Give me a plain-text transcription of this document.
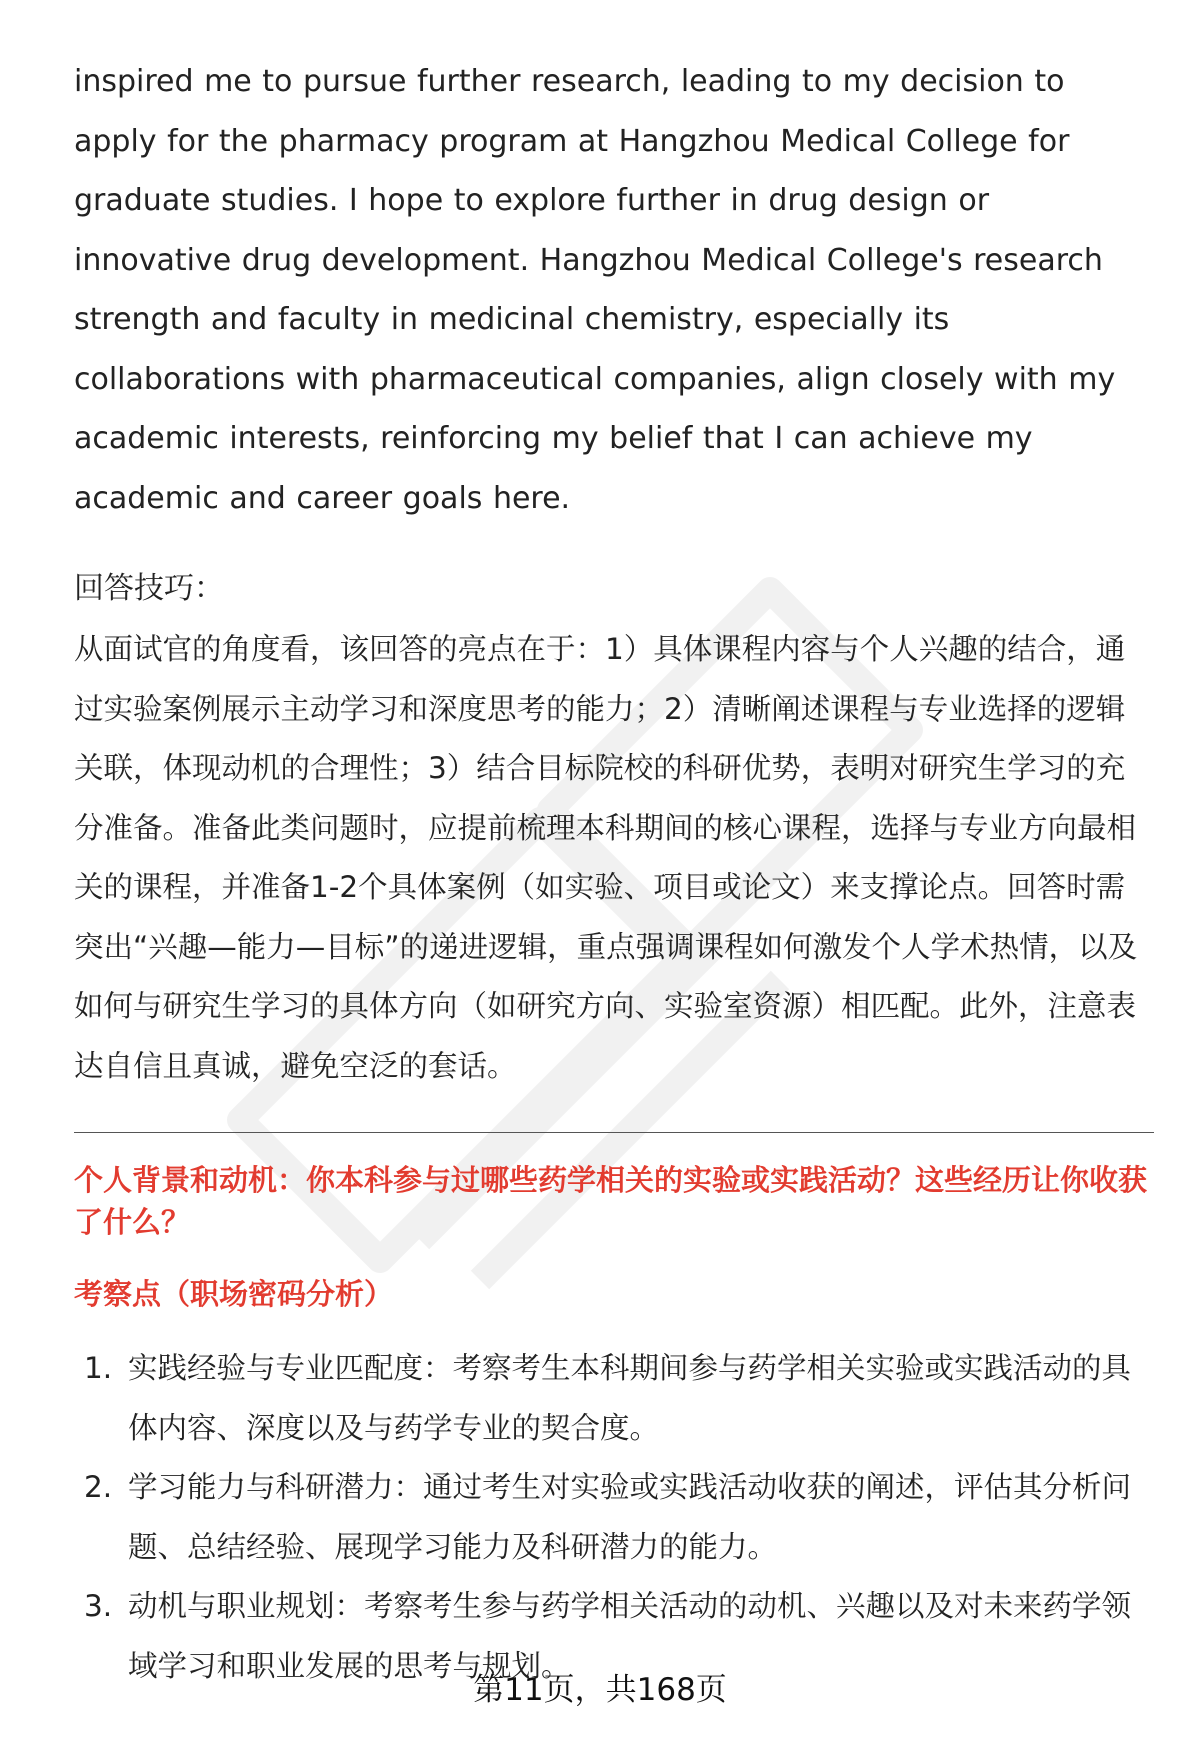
inspired me to pursue further research, leading to my decision to apply for the pharmacy program at Hangzhou Medical College for graduate studies. I hope to explore further in drug design or innovative drug development. Hangzhou Medical College's research strength and faculty in medicinal chemistry, especially its collaborations with pharmaceutical companies, align closely with my academic interests, reinforcing my belief that I can achieve my academic and career goals here.

回答技巧：

从面试官的角度看，该回答的亮点在于：1）具体课程内容与个人兴趣的结合，通过实验案例展示主动学习和深度思考的能力；2）清晰阐述课程与专业选择的逻辑关联，体现动机的合理性；3）结合目标院校的科研优势，表明对研究生学习的充分准备。准备此类问题时，应提前梳理本科期间的核心课程，选择与专业方向最相关的课程，并准备1-2个具体案例（如实验、项目或论文）来支撑论点。回答时需突出“兴趣—能力—目标”的递进逻辑，重点强调课程如何激发个人学术热情，以及如何与研究生学习的具体方向（如研究方向、实验室资源）相匹配。此外，注意表达自信且真诚，避免空泛的套话。

个人背景和动机：你本科参与过哪些药学相关的实验或实践活动？这些经历让你收获了什么？
考察点（职场密码分析）
1. 实践经验与专业匹配度：考察考生本科期间参与药学相关实验或实践活动的具体内容、深度以及与药学专业的契合度。
2. 学习能力与科研潜力：通过考生对实验或实践活动收获的阐述，评估其分析问题、总结经验、展现学习能力及科研潜力的能力。
3. 动机与职业规划：考察考生参与药学相关活动的动机、兴趣以及对未来药学领域学习和职业发展的思考与规划。
第11页，共168页
